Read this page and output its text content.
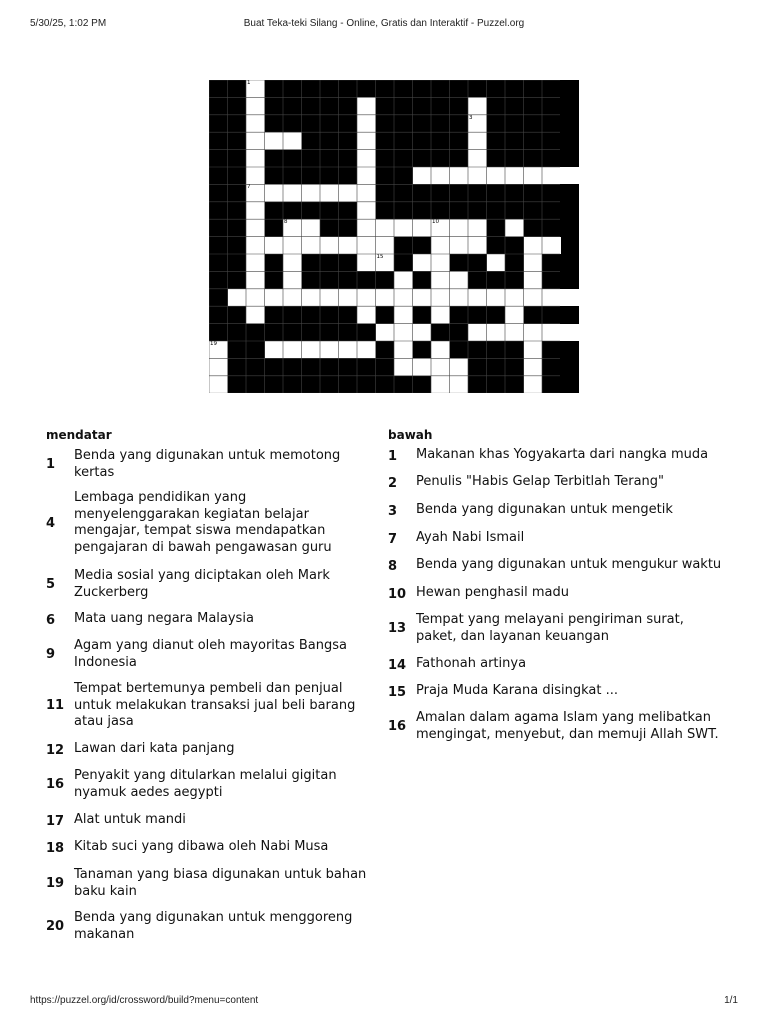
5/30/25, 1:02 PM	Buat Teka-teki Silang - Online, Gratis dan Interaktif - Puzzel.org
1
2	3
4
5
6	7
8	9	10
11	12	13
14	15
16
17	18
19
20
mendatar
1
Benda yang digunakan untuk memotong kertas
4
Lembaga pendidikan yang menyelenggarakan kegiatan belajar mengajar, tempat siswa mendapatkan pengajaran di bawah pengawasan guru
5
Media sosial yang diciptakan oleh Mark Zuckerberg
6	Mata uang negara Malaysia
9
Agam yang dianut oleh mayoritas Bangsa Indonesia
11
Tempat bertemunya pembeli dan penjual untuk melakukan transaksi jual beli barang atau jasa
12 Lawan dari kata panjang
16
Penyakit yang ditularkan melalui gigitan nyamuk aedes aegypti
17 Alat untuk mandi
18 Kitab suci yang dibawa oleh Nabi Musa
19
Tanaman yang biasa digunakan untuk bahan baku kain
20
Benda yang digunakan untuk menggoreng makanan
bawah
1	Makanan khas Yogyakarta dari nangka muda
2	Penulis "Habis Gelap Terbitlah Terang"
3	Benda yang digunakan untuk mengetik
7	Ayah Nabi Ismail
8	Benda yang digunakan untuk mengukur waktu
10 Hewan penghasil madu
13
Tempat yang melayani pengiriman surat, paket, dan layanan keuangan
14 Fathonah artinya
15 Praja Muda Karana disingkat ...
16
Amalan dalam agama Islam yang melibatkan mengingat, menyebut, dan memuji Allah SWT.
https://puzzel.org/id/crossword/build?menu=content	1/1
